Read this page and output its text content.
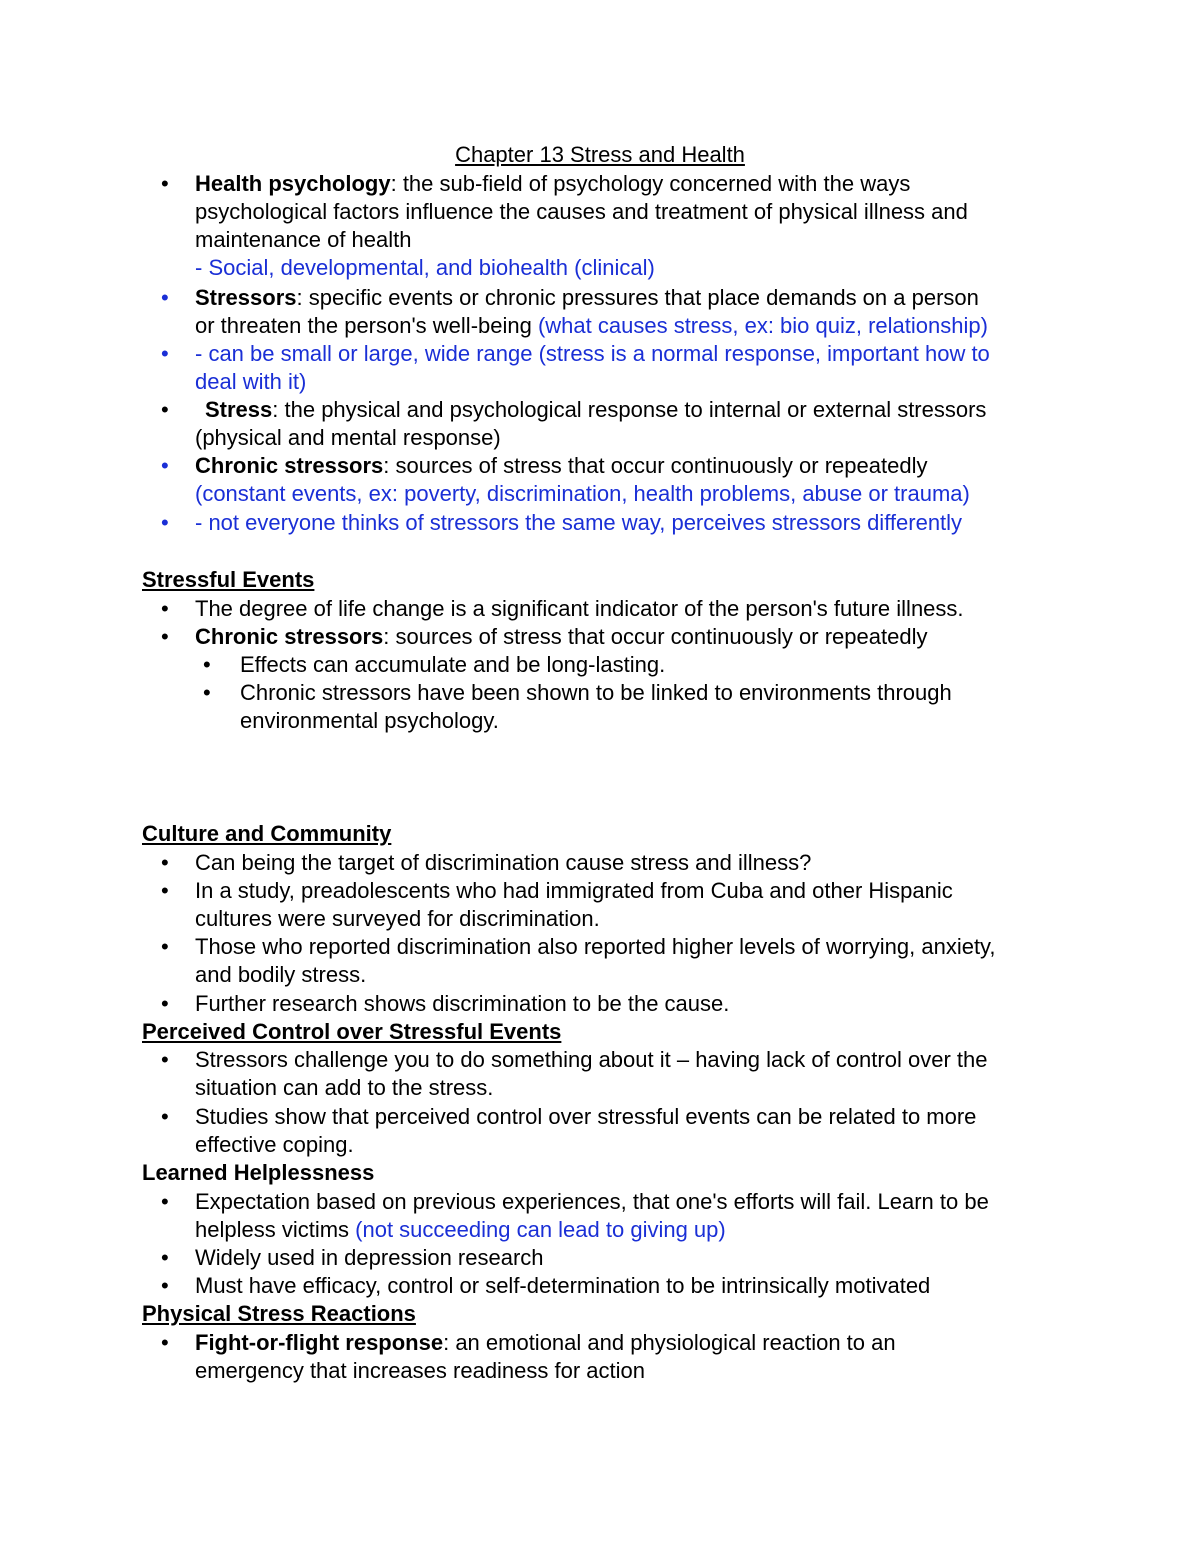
Chapter 13 Stress and Health
• Health psychology: the sub-field of psychology concerned with the ways
psychological factors influence the causes and treatment of physical illness and
maintenance of health
- Social, developmental, and biohealth (clinical)
• Stressors: specific events or chronic pressures that place demands on a person
or threaten the person's well-being (what causes stress, ex: bio quiz, relationship)
• - can be small or large, wide range (stress is a normal response, important how to
deal with it)
• Stress: the physical and psychological response to internal or external stressors
(physical and mental response)
• Chronic stressors: sources of stress that occur continuously or repeatedly
(constant events, ex: poverty, discrimination, health problems, abuse or trauma)
• - not everyone thinks of stressors the same way, perceives stressors differently
Stressful Events
• The degree of life change is a significant indicator of the person's future illness.
• Chronic stressors: sources of stress that occur continuously or repeatedly
• Effects can accumulate and be long-lasting.
• Chronic stressors have been shown to be linked to environments through
environmental psychology.
Culture and Community
• Can being the target of discrimination cause stress and illness?
• In a study, preadolescents who had immigrated from Cuba and other Hispanic
cultures were surveyed for discrimination.
• Those who reported discrimination also reported higher levels of worrying, anxiety,
and bodily stress.
• Further research shows discrimination to be the cause.
Perceived Control over Stressful Events
• Stressors challenge you to do something about it – having lack of control over the
situation can add to the stress.
• Studies show that perceived control over stressful events can be related to more
effective coping.
Learned Helplessness
• Expectation based on previous experiences, that one's efforts will fail. Learn to be
helpless victims (not succeeding can lead to giving up)
• Widely used in depression research
• Must have efficacy, control or self-determination to be intrinsically motivated
Physical Stress Reactions
• Fight-or-flight response: an emotional and physiological reaction to an
emergency that increases readiness for action
